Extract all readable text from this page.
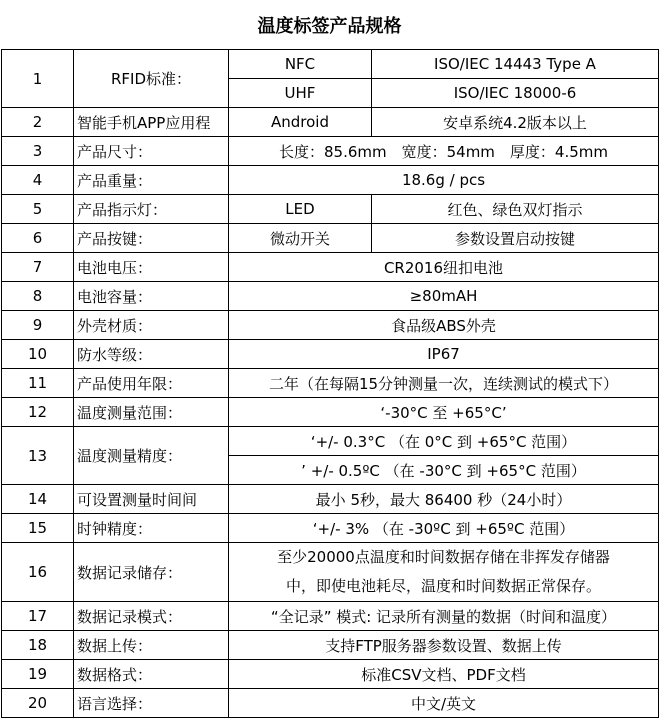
温度标签产品规格
1	RFID标准：	NFC	ISO/IEC 14443 Type A
		UHF	ISO/IEC 18000-6
2	智能手机APP应用程	Android	安卓系统4.2版本以上
3	产品尺寸：	长度：85.6mm　宽度：54mm　厚度：4.5mm	
4	产品重量：	18.6g / pcs	
5	产品指示灯：	LED	红色、绿色双灯指示
6	产品按键：	微动开关	参数设置启动按键
7	电池电压：	CR2016纽扣电池	
8	电池容量：	≥80mAH	
9	外壳材质：	食品级ABS外壳	
10	防水等级：	IP67	
11	产品使用年限：	二年（在每隔15分钟测量一次，连续测试的模式下）	
12	温度测量范围：	‘-30°C 至 +65°C’	
13	温度测量精度：	‘+/- 0.3°C （在 0°C 到 +65°C 范围）	
		’ +/- 0.5ºC （在 -30°C 到 +65°C 范围）	
14	可设置测量时间间	最小 5秒，最大 86400 秒（24小时）	
15	时钟精度：	‘+/- 3% （在 -30ºC 到 +65ºC 范围）	
16	数据记录储存：	至少20000点温度和时间数据存储在非挥发存储器
中，即使电池耗尽，温度和时间数据正常保存。	

17	数据记录模式：	“全记录” 模式: 记录所有测量的数据（时间和温度）	
18	数据上传：	支持FTP服务器参数设置、数据上传	
19	数据格式：	标准CSV文档、PDF文档	
20	语言选择：	中文/英文	
